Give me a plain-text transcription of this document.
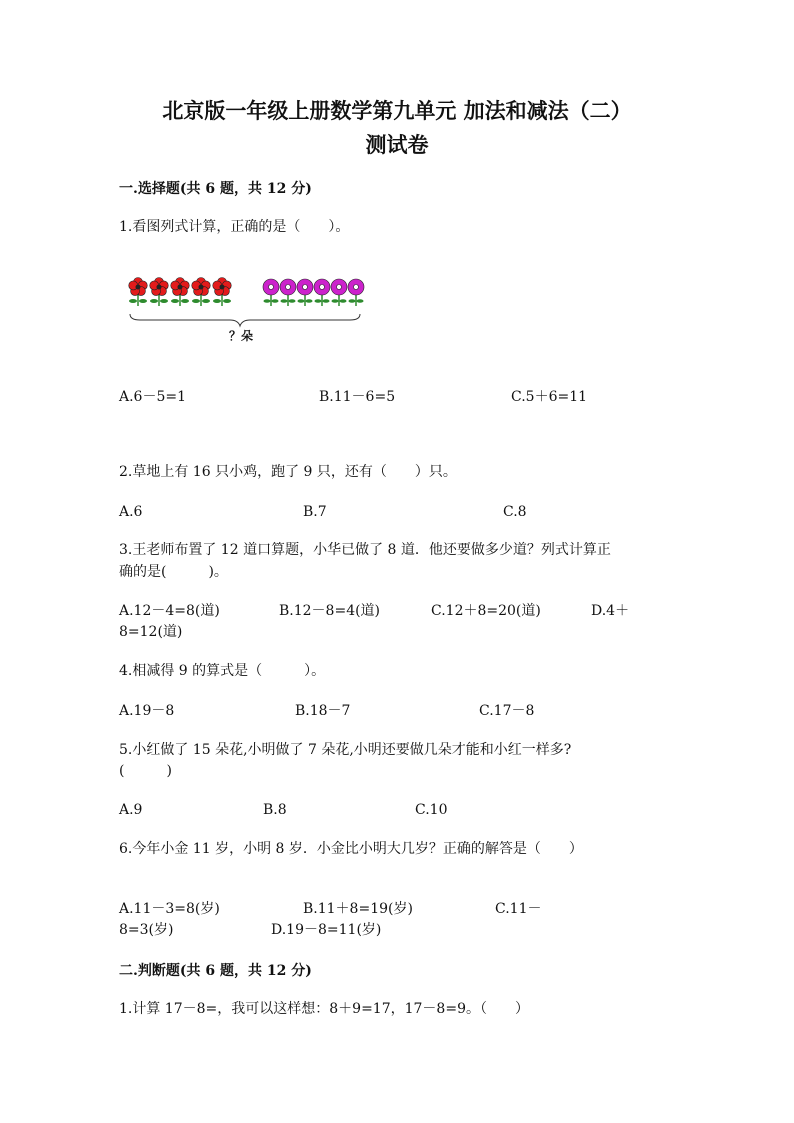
北京版一年级上册数学第九单元 加法和减法（二）
测试卷
一.选择题(共 6 题，共 12 分)
1.看图列式计算，正确的是（　　）。
？朵
A.6－5=1	B.11－6=5	C.5＋6=11
2.草地上有 16 只小鸡，跑了 9 只，还有（　　）只。
A.6	B.7	C.8
3.王老师布置了 12 道口算题，小华已做了 8 道．他还要做多少道？列式计算正
确的是(　　　)。
A.12－4=8(道)	B.12－8=4(道)	C.12＋8=20(道)	D.4＋
8=12(道)
4.相减得 9 的算式是（　　　）。
A.19－8	B.18－7	C.17－8
5.小红做了 15 朵花,小明做了 7 朵花,小明还要做几朵才能和小红一样多?
(　　　)
A.9	B.8	C.10
6.今年小金 11 岁，小明 8 岁．小金比小明大几岁？正确的解答是（　　）
A.11－3=8(岁)	B.11＋8=19(岁)	C.11－
8=3(岁)	D.19－8=11(岁)
二.判断题(共 6 题，共 12 分)
1.计算 17－8=，我可以这样想：8＋9=17，17－8=9。（　　）
